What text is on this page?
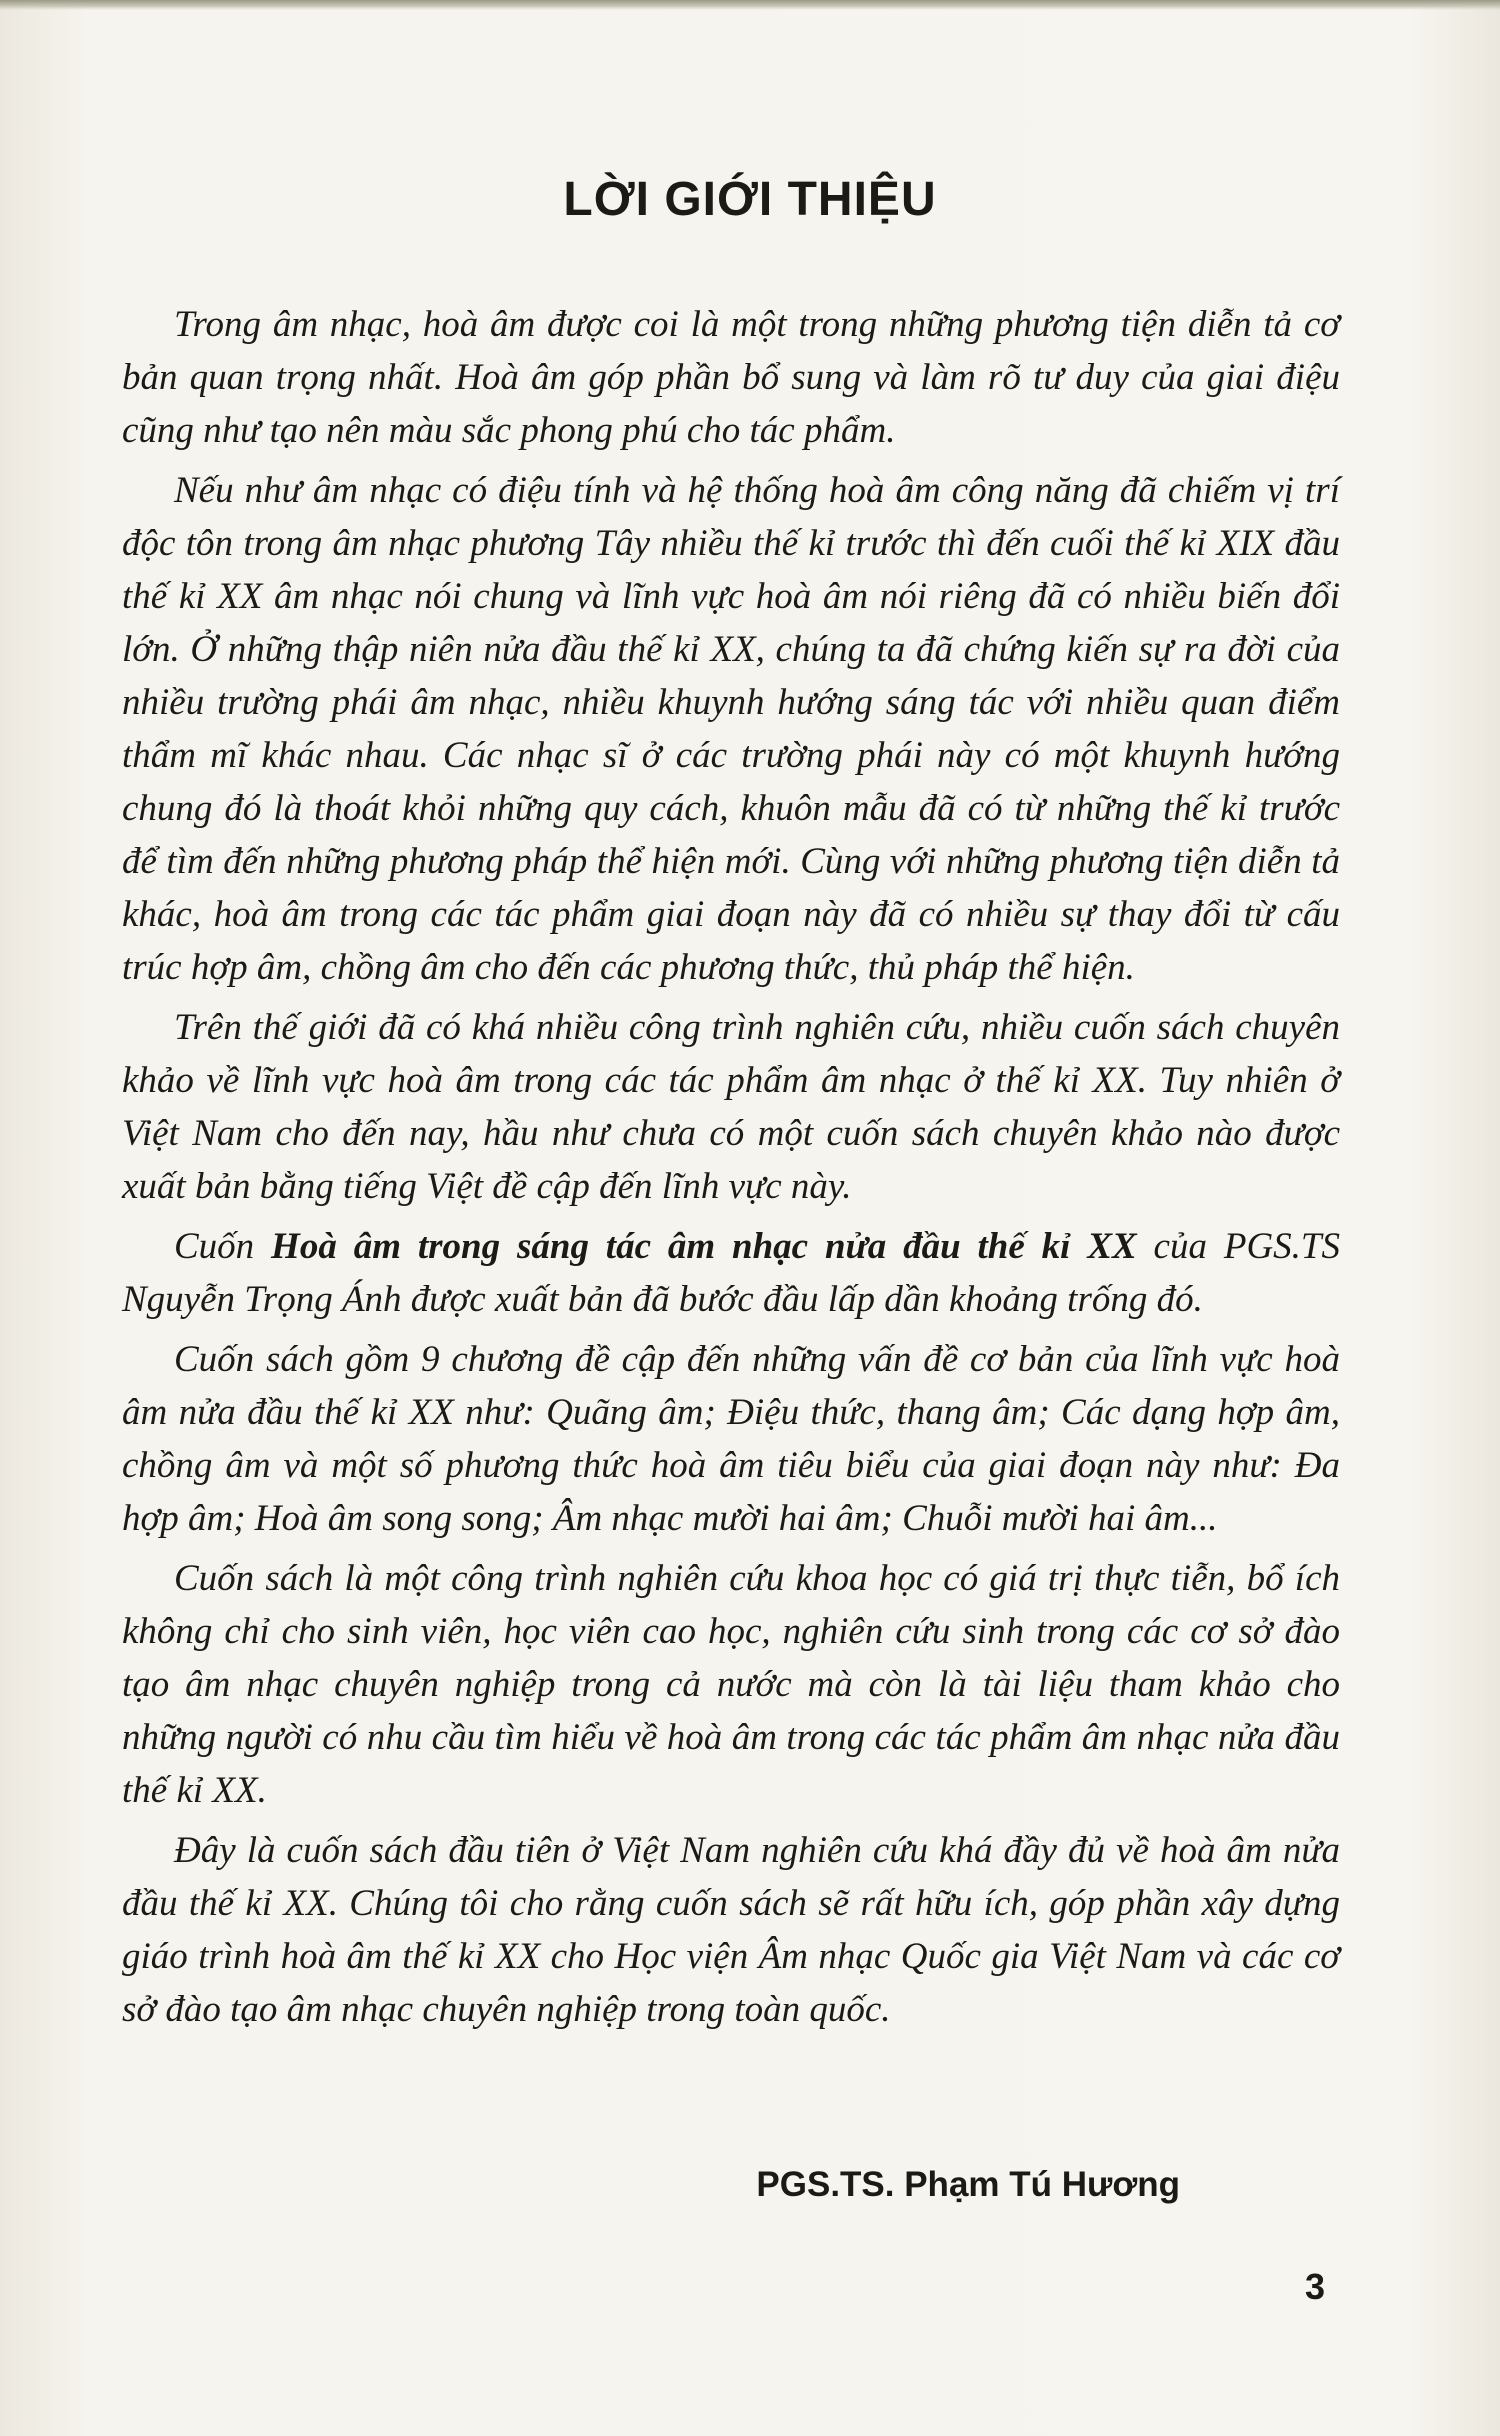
LỜI GIỚI THIỆU

Trong âm nhạc, hoà âm được coi là một trong những phương tiện diễn tả cơ bản quan trọng nhất. Hoà âm góp phần bổ sung và làm rõ tư duy của giai điệu cũng như tạo nên màu sắc phong phú cho tác phẩm.

Nếu như âm nhạc có điệu tính và hệ thống hoà âm công năng đã chiếm vị trí độc tôn trong âm nhạc phương Tây nhiều thế kỉ trước thì đến cuối thế kỉ XIX đầu thế kỉ XX âm nhạc nói chung và lĩnh vực hoà âm nói riêng đã có nhiều biến đổi lớn. Ở những thập niên nửa đầu thế kỉ XX, chúng ta đã chứng kiến sự ra đời của nhiều trường phái âm nhạc, nhiều khuynh hướng sáng tác với nhiều quan điểm thẩm mĩ khác nhau. Các nhạc sĩ ở các trường phái này có một khuynh hướng chung đó là thoát khỏi những quy cách, khuôn mẫu đã có từ những thế kỉ trước để tìm đến những phương pháp thể hiện mới. Cùng với những phương tiện diễn tả khác, hoà âm trong các tác phẩm giai đoạn này đã có nhiều sự thay đổi từ cấu trúc hợp âm, chồng âm cho đến các phương thức, thủ pháp thể hiện.

Trên thế giới đã có khá nhiều công trình nghiên cứu, nhiều cuốn sách chuyên khảo về lĩnh vực hoà âm trong các tác phẩm âm nhạc ở thế kỉ XX. Tuy nhiên ở Việt Nam cho đến nay, hầu như chưa có một cuốn sách chuyên khảo nào được xuất bản bằng tiếng Việt đề cập đến lĩnh vực này.

Cuốn Hoà âm trong sáng tác âm nhạc nửa đầu thế kỉ XX của PGS.TS Nguyễn Trọng Ánh được xuất bản đã bước đầu lấp dần khoảng trống đó.

Cuốn sách gồm 9 chương đề cập đến những vấn đề cơ bản của lĩnh vực hoà âm nửa đầu thế kỉ XX như: Quãng âm; Điệu thức, thang âm; Các dạng hợp âm, chồng âm và một số phương thức hoà âm tiêu biểu của giai đoạn này như: Đa hợp âm; Hoà âm song song; Âm nhạc mười hai âm; Chuỗi mười hai âm...

Cuốn sách là một công trình nghiên cứu khoa học có giá trị thực tiễn, bổ ích không chỉ cho sinh viên, học viên cao học, nghiên cứu sinh trong các cơ sở đào tạo âm nhạc chuyên nghiệp trong cả nước mà còn là tài liệu tham khảo cho những người có nhu cầu tìm hiểu về hoà âm trong các tác phẩm âm nhạc nửa đầu thế kỉ XX.

Đây là cuốn sách đầu tiên ở Việt Nam nghiên cứu khá đầy đủ về hoà âm nửa đầu thế kỉ XX. Chúng tôi cho rằng cuốn sách sẽ rất hữu ích, góp phần xây dựng giáo trình hoà âm thế kỉ XX cho Học viện Âm nhạc Quốc gia Việt Nam và các cơ sở đào tạo âm nhạc chuyên nghiệp trong toàn quốc.

PGS.TS. Phạm Tú Hương

3
